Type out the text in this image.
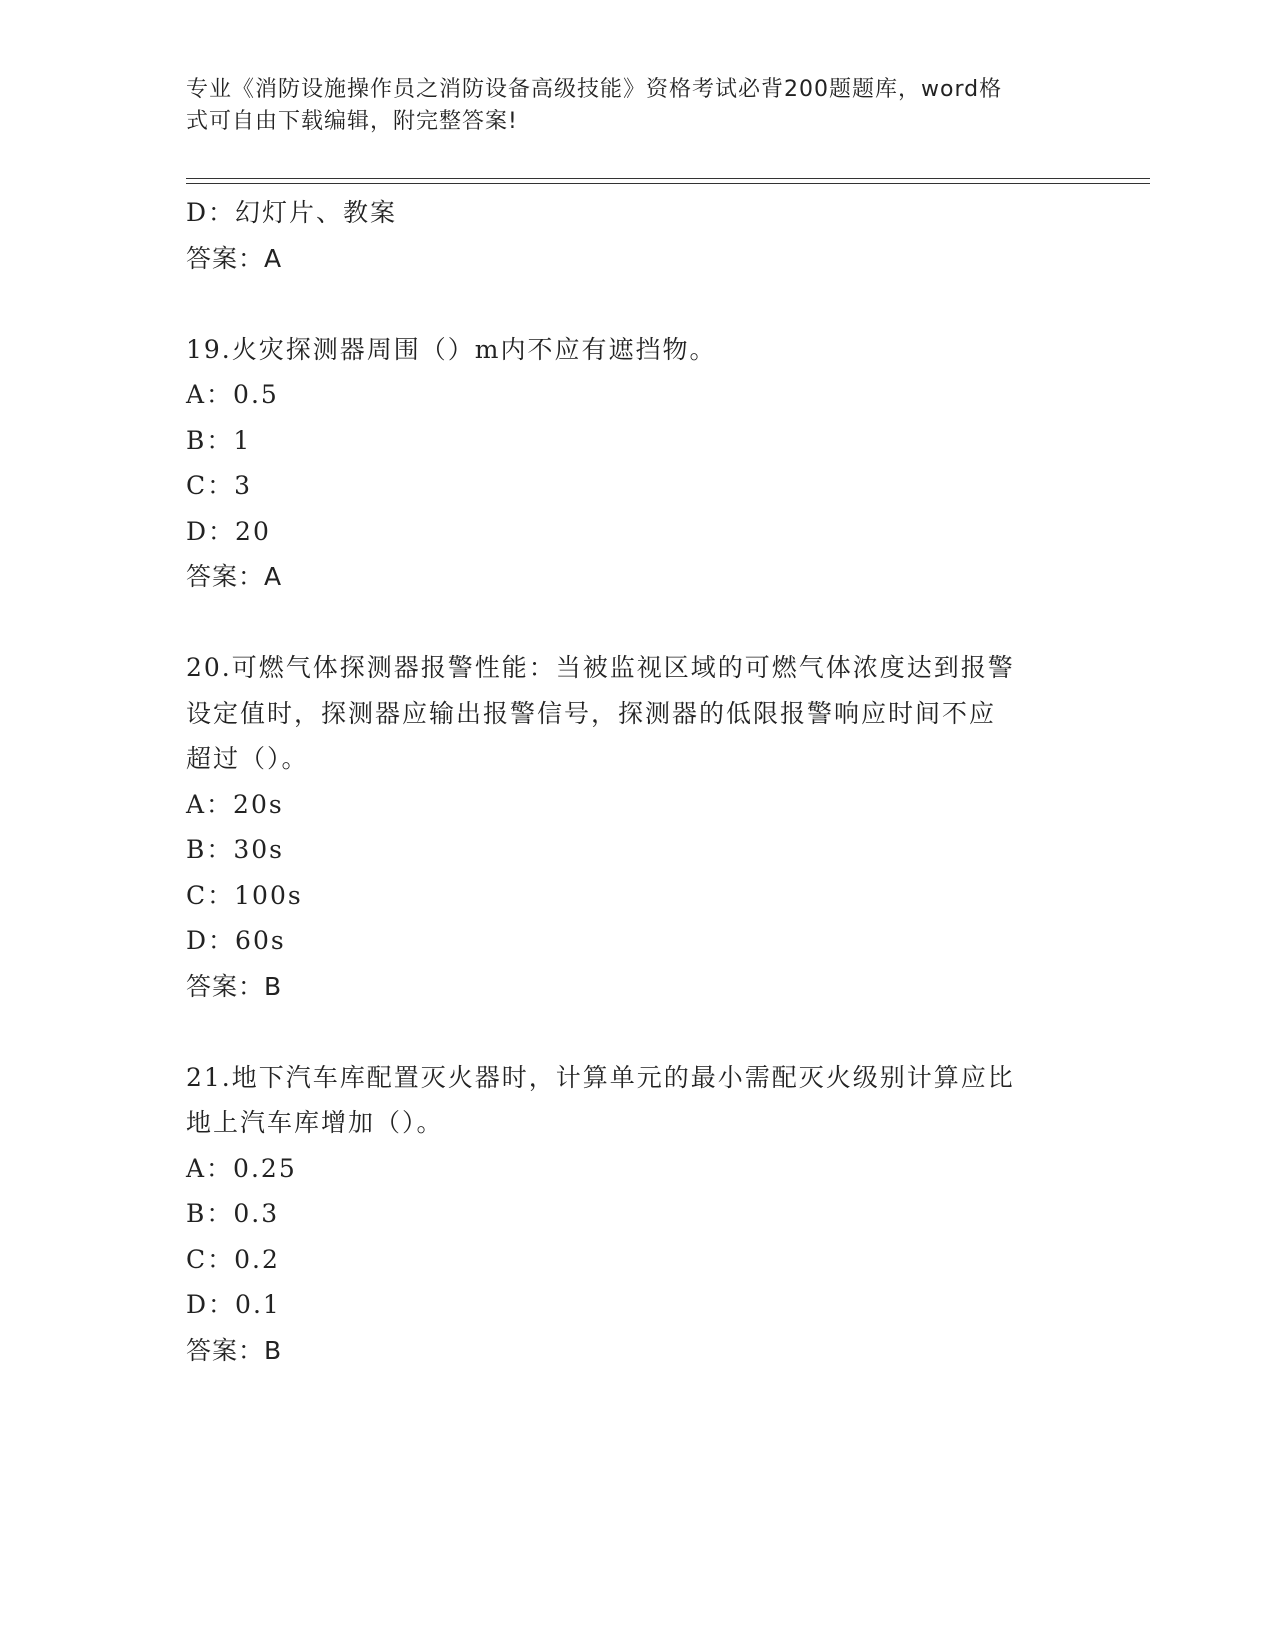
专业《消防设施操作员之消防设备高级技能》资格考试必背200题题库，word格
式可自由下载编辑，附完整答案!
D：幻灯片、教案
答案：A
19.火灾探测器周围（）m内不应有遮挡物。
A：0.5
B：1
C：3
D：20
答案：A
20.可燃气体探测器报警性能：当被监视区域的可燃气体浓度达到报警
设定值时，探测器应输出报警信号，探测器的低限报警响应时间不应
超过（）。
A：20s
B：30s
C：100s
D：60s
答案：B
21.地下汽车库配置灭火器时，计算单元的最小需配灭火级别计算应比
地上汽车库增加（）。
A：0.25
B：0.3
C：0.2
D：0.1
答案：B
